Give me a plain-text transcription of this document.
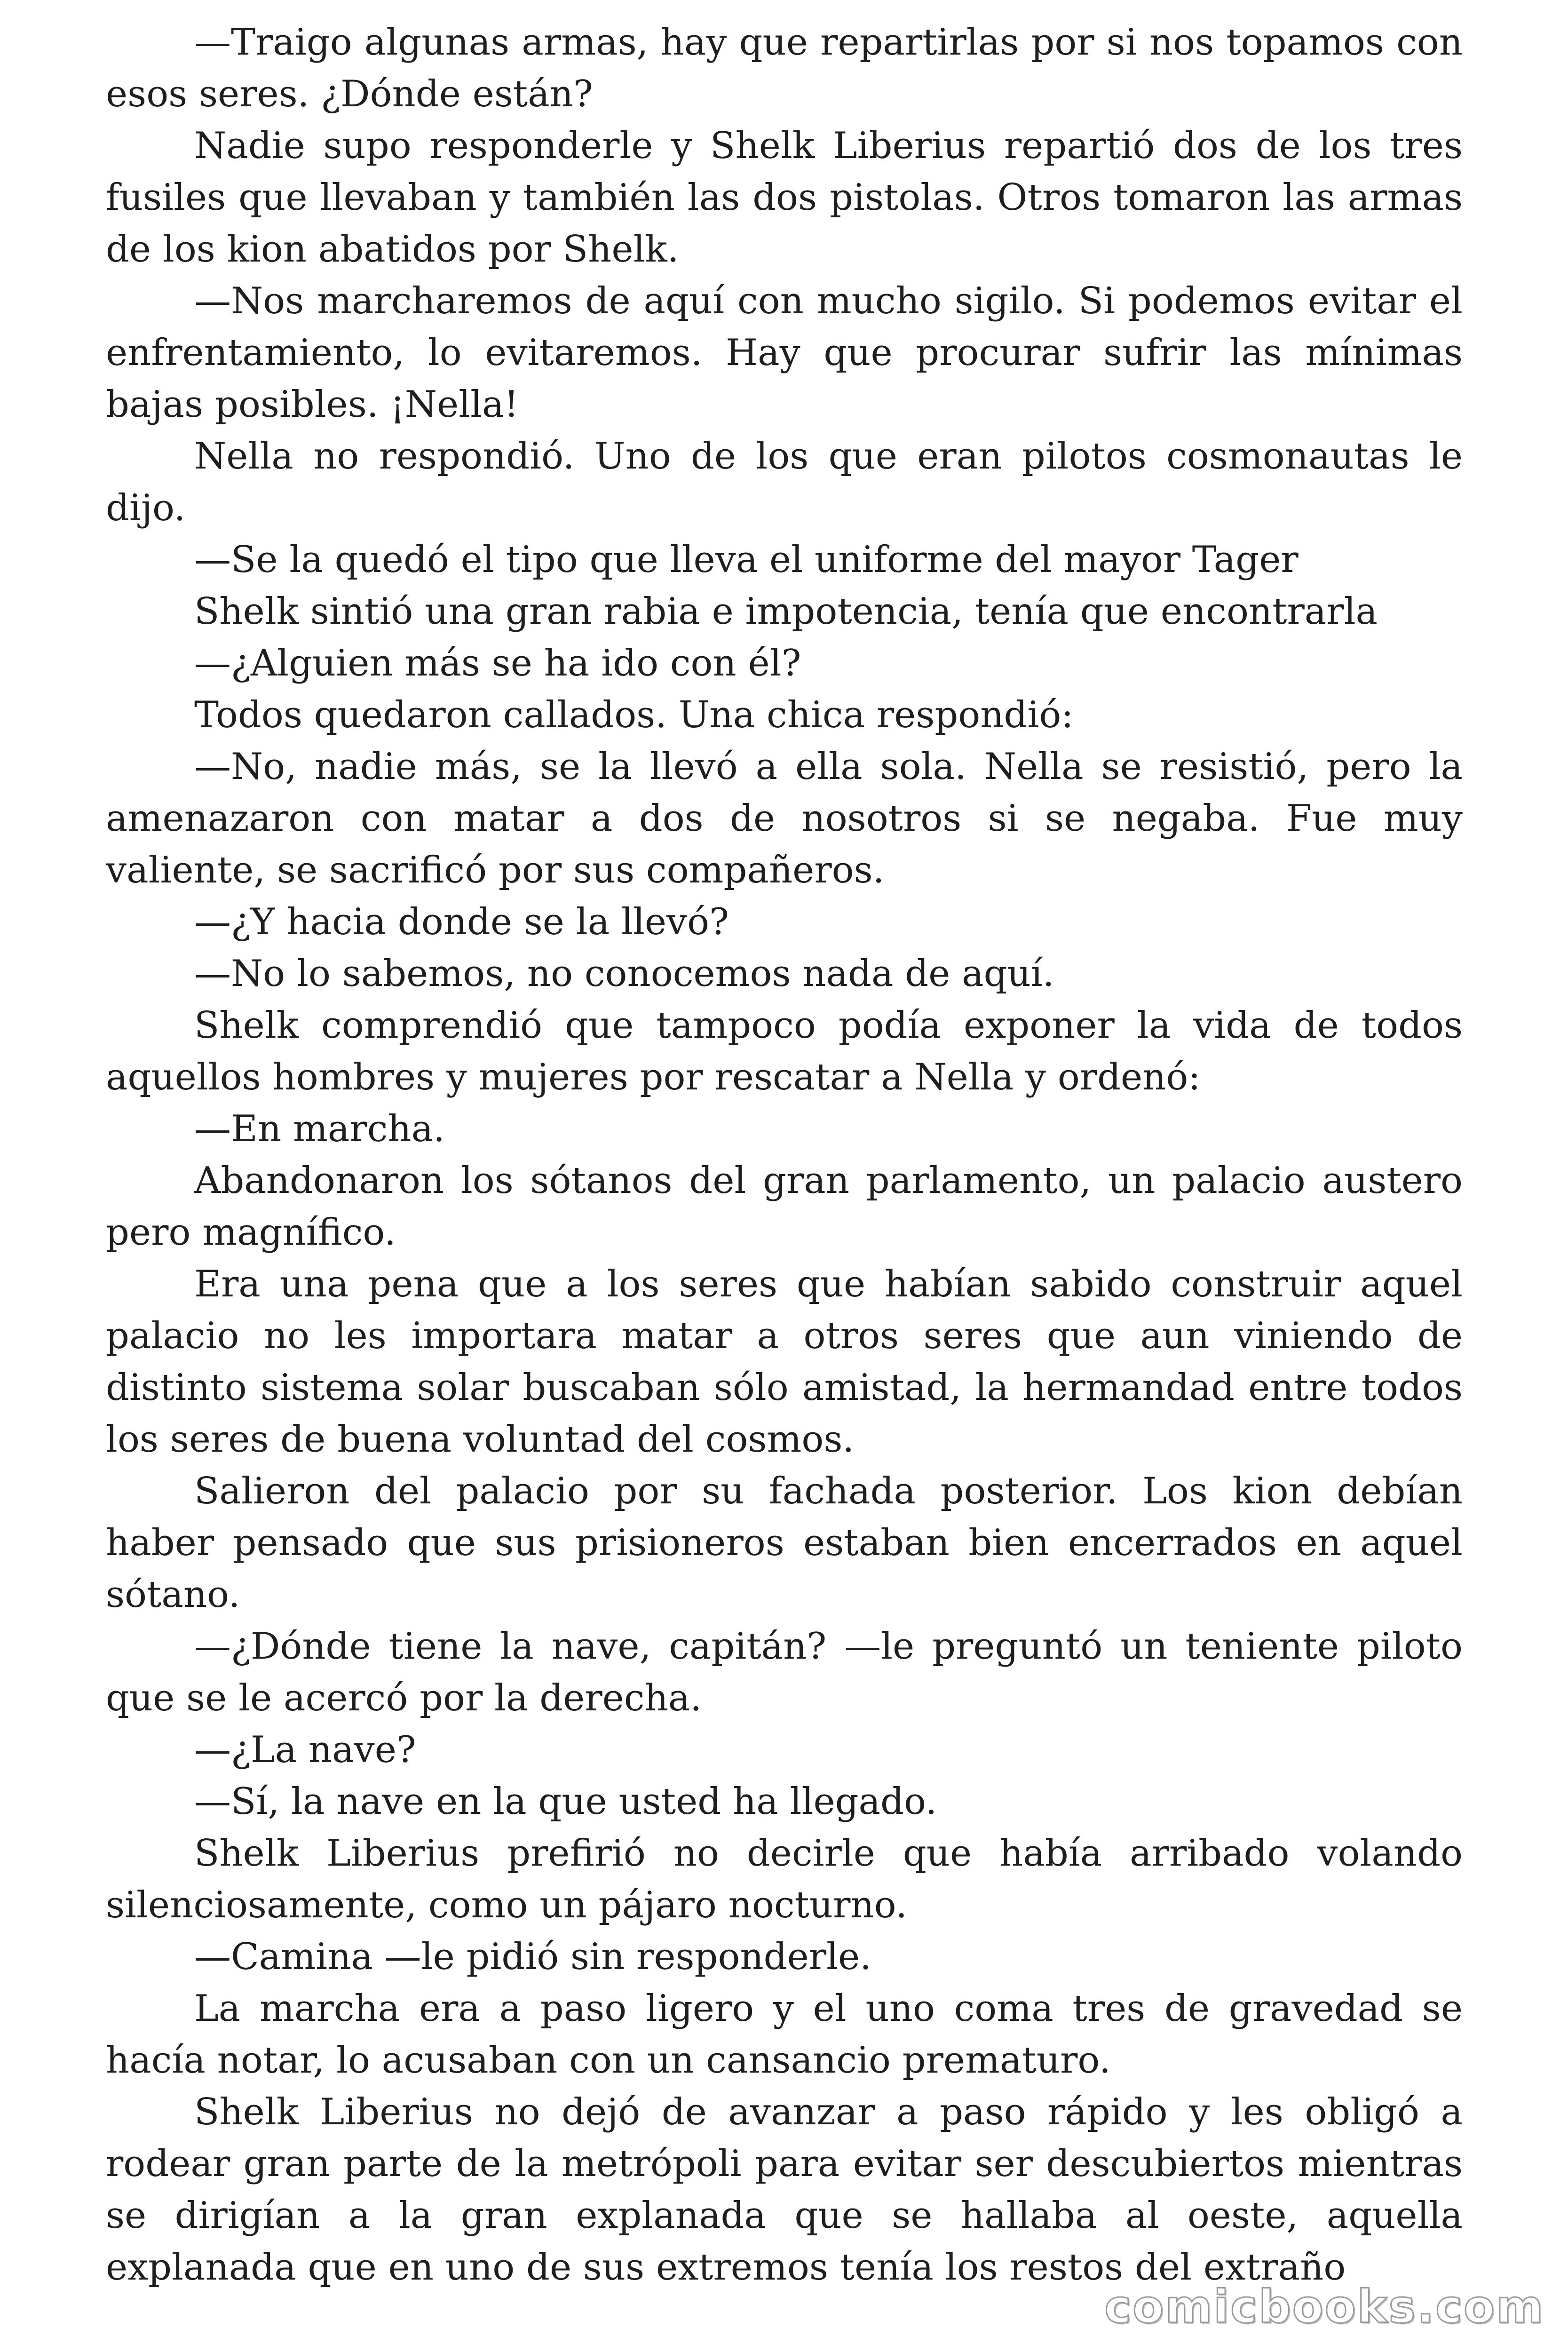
—Traigo algunas armas, hay que repartirlas por si nos topamos con esos seres. ¿Dónde están?

Nadie supo responderle y Shelk Liberius repartió dos de los tres fusiles que llevaban y también las dos pistolas. Otros tomaron las armas de los kion abatidos por Shelk.

—Nos marcharemos de aquí con mucho sigilo. Si podemos evitar el enfrentamiento, lo evitaremos. Hay que procurar sufrir las mínimas bajas posibles. ¡Nella!

Nella no respondió. Uno de los que eran pilotos cosmonautas le dijo.

—Se la quedó el tipo que lleva el uniforme del mayor Tager

Shelk sintió una gran rabia e impotencia, tenía que encontrarla

—¿Alguien más se ha ido con él?

Todos quedaron callados. Una chica respondió:

—No, nadie más, se la llevó a ella sola. Nella se resistió, pero la amenazaron con matar a dos de nosotros si se negaba. Fue muy valiente, se sacrificó por sus compañeros.

—¿Y hacia donde se la llevó?

—No lo sabemos, no conocemos nada de aquí.

Shelk comprendió que tampoco podía exponer la vida de todos aquellos hombres y mujeres por rescatar a Nella y ordenó:

—En marcha.

Abandonaron los sótanos del gran parlamento, un palacio austero pero magnífico.

Era una pena que a los seres que habían sabido construir aquel palacio no les importara matar a otros seres que aun viniendo de distinto sistema solar buscaban sólo amistad, la hermandad entre todos los seres de buena voluntad del cosmos.

Salieron del palacio por su fachada posterior. Los kion debían haber pensado que sus prisioneros estaban bien encerrados en aquel sótano.

—¿Dónde tiene la nave, capitán? —le preguntó un teniente piloto que se le acercó por la derecha.

—¿La nave?

—Sí, la nave en la que usted ha llegado.

Shelk Liberius prefirió no decirle que había arribado volando silenciosamente, como un pájaro nocturno.

—Camina —le pidió sin responderle.

La marcha era a paso ligero y el uno coma tres de gravedad se hacía notar, lo acusaban con un cansancio prematuro.

Shelk Liberius no dejó de avanzar a paso rápido y les obligó a rodear gran parte de la metrópoli para evitar ser descubiertos mientras se dirigían a la gran explanada que se hallaba al oeste, aquella explanada que en uno de sus extremos tenía los restos del extraño

comicbooks.com
